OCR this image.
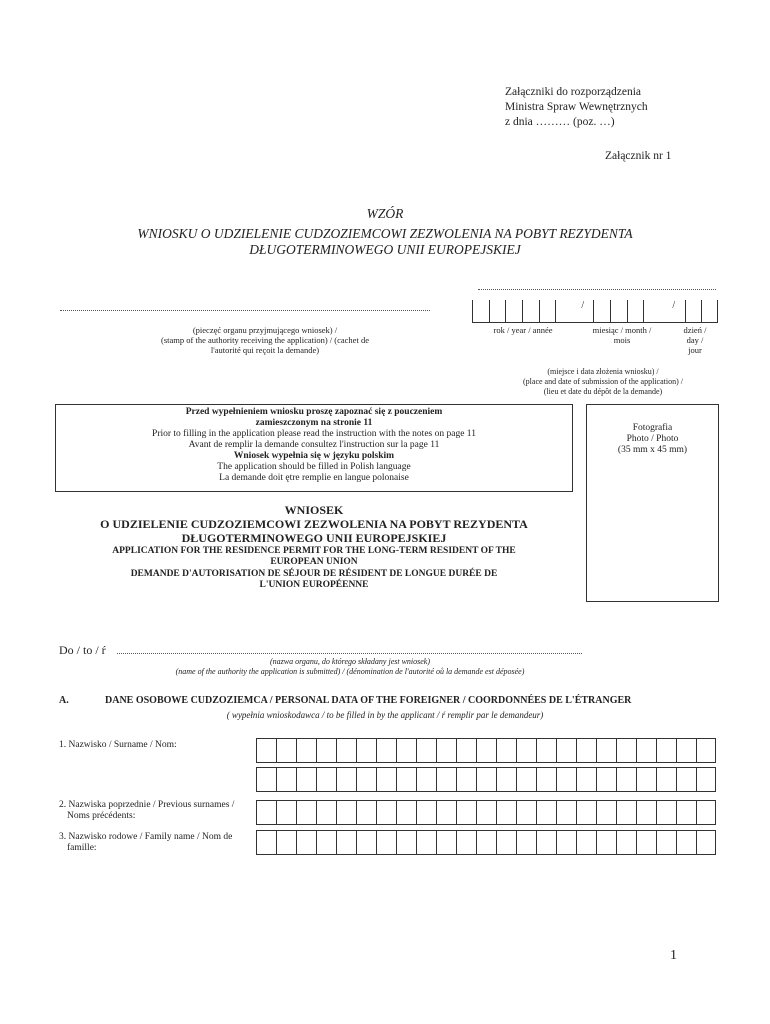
Załączniki do rozporządzenia
Ministra Spraw Wewnętrznych
z dnia ……… (poz. …)
Załącznik nr 1
WZÓR
WNIOSKU O UDZIELENIE CUDZOZIEMCOWI ZEZWOLENIA NA POBYT REZYDENTA
DŁUGOTERMINOWEGO UNII EUROPEJSKIEJ
/	/
(pieczęć organu przyjmującego wniosek) /
(stamp of the authority receiving the application) / (cachet de
l'autorité qui reçoit la demande)
rok / year / année	miesiąc / month /
mois
dzień /
day /
jour
(miejsce i data złożenia wniosku) /
(place and date of submission of the application) /
(lieu et date du dépôt de la demande)
Przed wypełnieniem wniosku proszę zapoznać się z pouczeniem
zamieszczonym na stronie 11
Prior to filling in the application please read the instruction with the notes on page 11
Avant de remplir la demande consultez l'instruction sur la page 11
Wniosek wypełnia się w języku polskim
The application should be filled in Polish language
La demande doit ętre remplie en langue polonaise
Fotografia
Photo / Photo
(35 mm x 45 mm)
WNIOSEK
O UDZIELENIE CUDZOZIEMCOWI ZEZWOLENIA NA POBYT REZYDENTA
DŁUGOTERMINOWEGO UNII EUROPEJSKIEJ
APPLICATION FOR THE RESIDENCE PERMIT FOR THE LONG-TERM RESIDENT OF THE
EUROPEAN UNION
DEMANDE D'AUTORISATION DE SÉJOUR DE RÉSIDENT DE LONGUE DURÉE DE
L'UNION EUROPÉENNE
Do / to / ŕ
(nazwa organu, do którego składany jest wniosek)
(name of the authority the application is submitted) / (dénomination de l'autorité oů la demande est déposée)
A.	DANE OSOBOWE CUDZOZIEMCA / PERSONAL DATA OF THE FOREIGNER / COORDONNÉES DE L'ÉTRANGER
( wypełnia wnioskodawca / to be filled in by the applicant / ŕ remplir par le demandeur)
1. Nazwisko / Surname / Nom:
2. Nazwiska poprzednie / Previous surnames /
Noms précédents:
3. Nazwisko rodowe / Family name / Nom de
famille:
1
